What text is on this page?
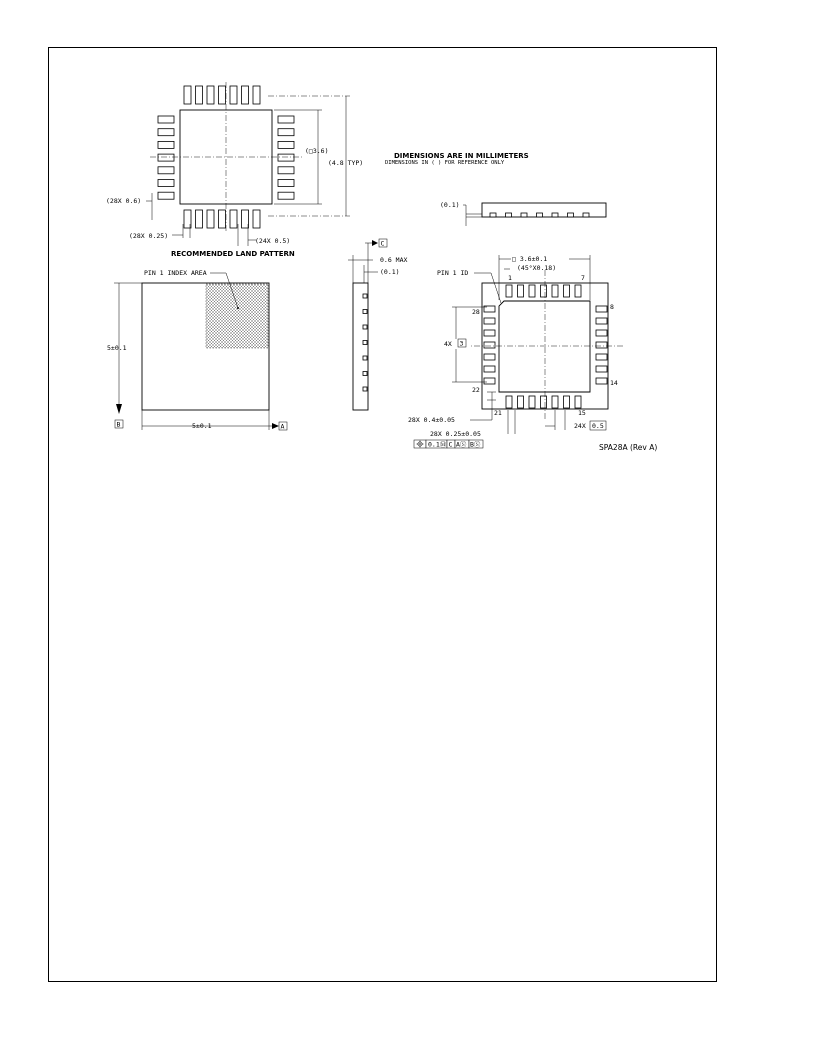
(4.8 TYP)
(□3.6)
(28X 0.6)
(28X 0.25)
(24X 0.5)
RECOMMENDED LAND PATTERN
DIMENSIONS ARE IN MILLIMETERS
DIMENSIONS IN ( ) FOR REFERENCE ONLY
(0.1)
PIN 1 INDEX AREA
5±0.1
B	5±0.1	A
C
0.6 MAX
(0.1)	PIN 1 ID
□ 3.6±0.1
(45°X0.18)
1	7
8
14
15
21
22
28
4X 3
28X 0.4±0.05
28X 0.25±0.05
0.1Ⓜ C AⓈ BⓈ
24X 0.5
SPA28A (Rev A)
